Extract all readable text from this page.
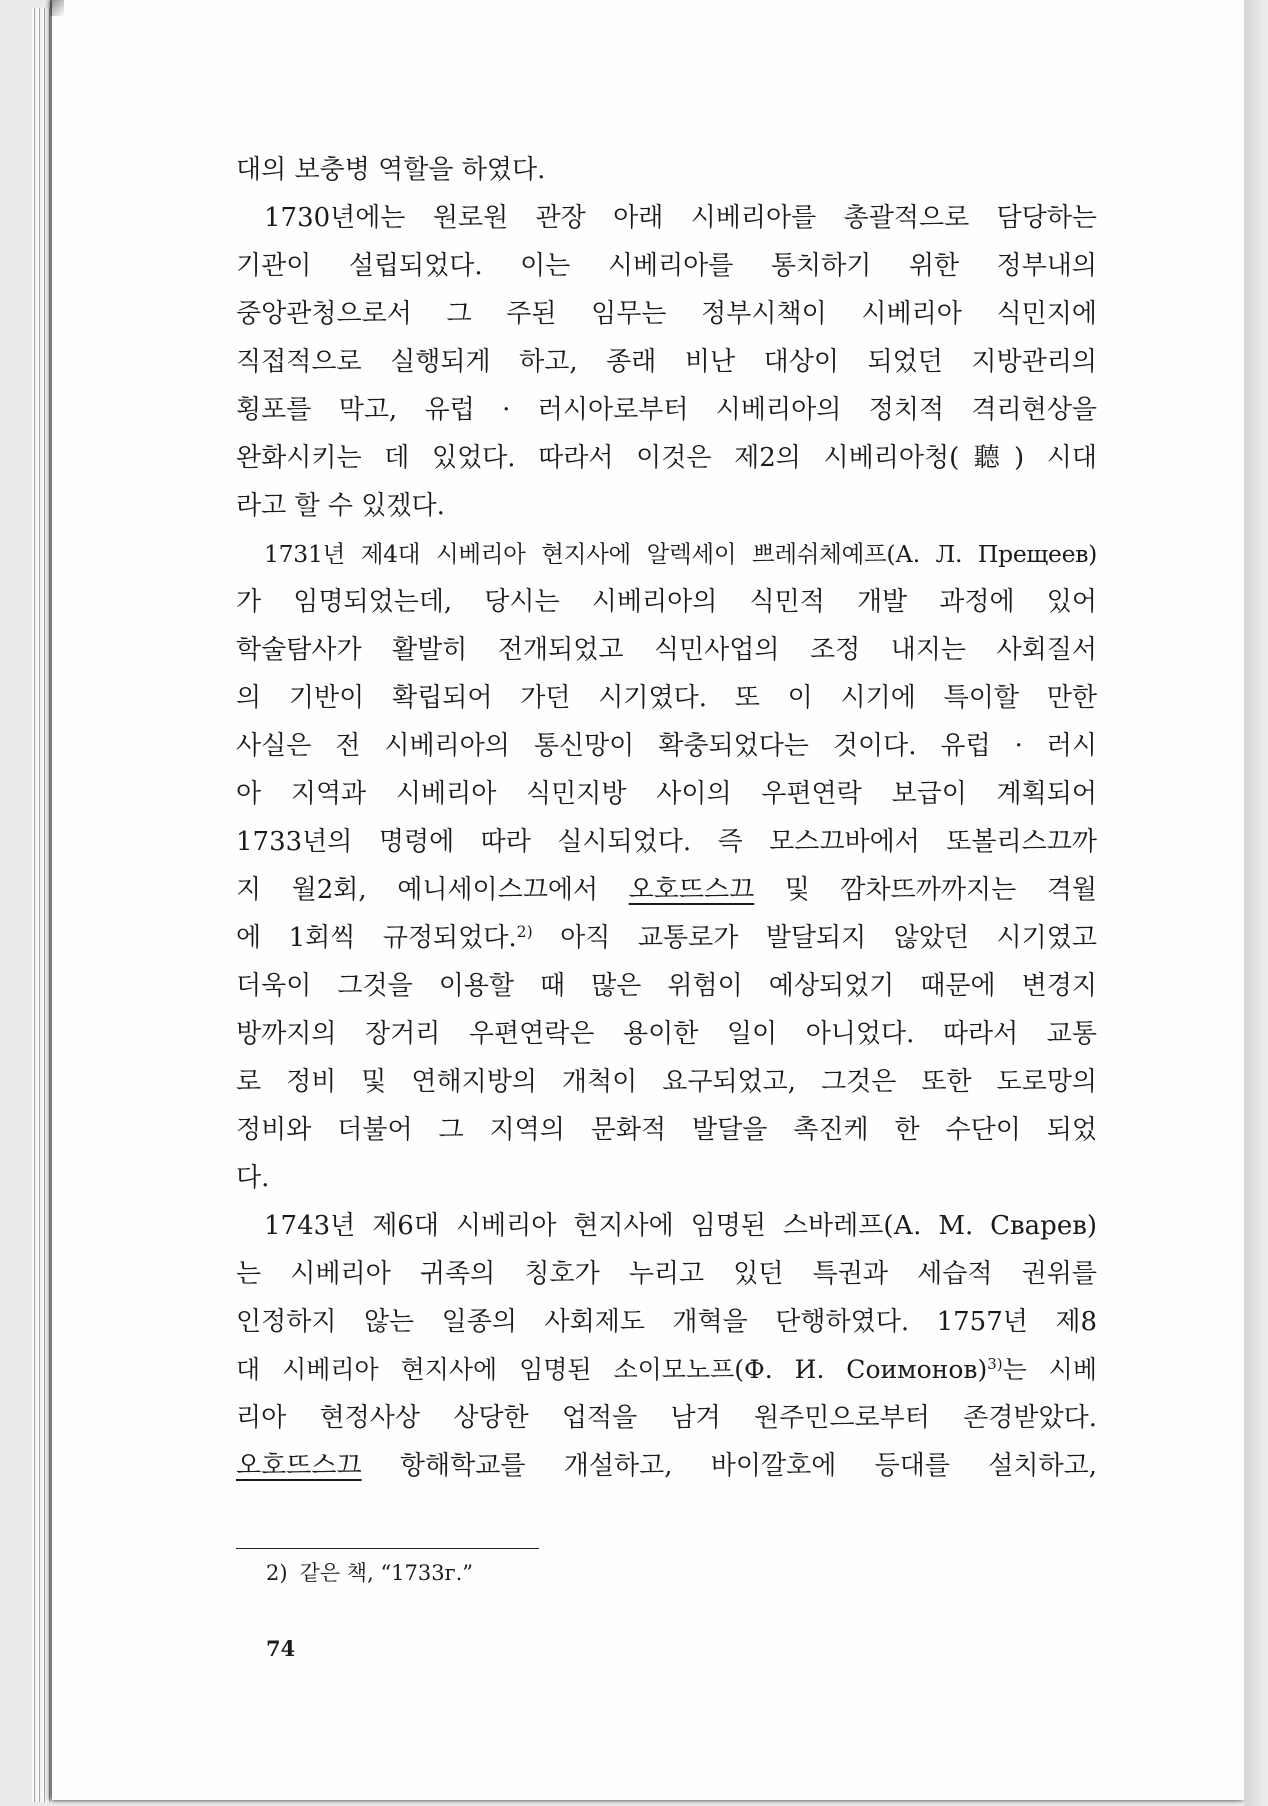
대의 보충병 역할을 하였다.
1730년에는 원로원 관장 아래 시베리아를 총괄적으로 담당하는
기관이 설립되었다. 이는 시베리아를 통치하기 위한 정부내의
중앙관청으로서 그 주된 임무는 정부시책이 시베리아 식민지에
직접적으로 실행되게 하고, 종래 비난 대상이 되었던 지방관리의
횡포를 막고, 유럽 · 러시아로부터 시베리아의 정치적 격리현상을
완화시키는 데 있었다. 따라서 이것은 제2의 시베리아청(聽) 시대
라고 할 수 있겠다.
1731년 제4대 시베리아 현지사에 알렉세이 쁘레쉬체예프(А. Л. Прещеев)
가 임명되었는데, 당시는 시베리아의 식민적 개발 과정에 있어
학술탐사가 활발히 전개되었고 식민사업의 조정 내지는 사회질서
의 기반이 확립되어 가던 시기였다. 또 이 시기에 특이할 만한
사실은 전 시베리아의 통신망이 확충되었다는 것이다. 유럽 · 러시
아 지역과 시베리아 식민지방 사이의 우편연락 보급이 계획되어
1733년의 명령에 따라 실시되었다. 즉 모스끄바에서 또볼리스끄까
지 월2회, 예니세이스끄에서 오호뜨스끄 및 깜차뜨까까지는 격월
에 1회씩 규정되었다.$^{2)}$ 아직 교통로가 발달되지 않았던 시기였고
더욱이 그것을 이용할 때 많은 위험이 예상되었기 때문에 변경지
방까지의 장거리 우편연락은 용이한 일이 아니었다. 따라서 교통
로 정비 및 연해지방의 개척이 요구되었고, 그것은 또한 도로망의
정비와 더불어 그 지역의 문화적 발달을 촉진케 한 수단이 되었
다.
1743년 제6대 시베리아 현지사에 임명된 스바레프(А. М. Сварев)
는 시베리아 귀족의 칭호가 누리고 있던 특권과 세습적 권위를
인정하지 않는 일종의 사회제도 개혁을 단행하였다. 1757년 제8
대 시베리아 현지사에 임명된 소이모노프(Ф. И. Соимонов)$^{3)}$는 시베
리아 현정사상 상당한 업적을 남겨 원주민으로부터 존경받았다.
오호뜨스끄 항해학교를 개설하고, 바이깔호에 등대를 설치하고,
2) 같은 책, “1733г.”
74
